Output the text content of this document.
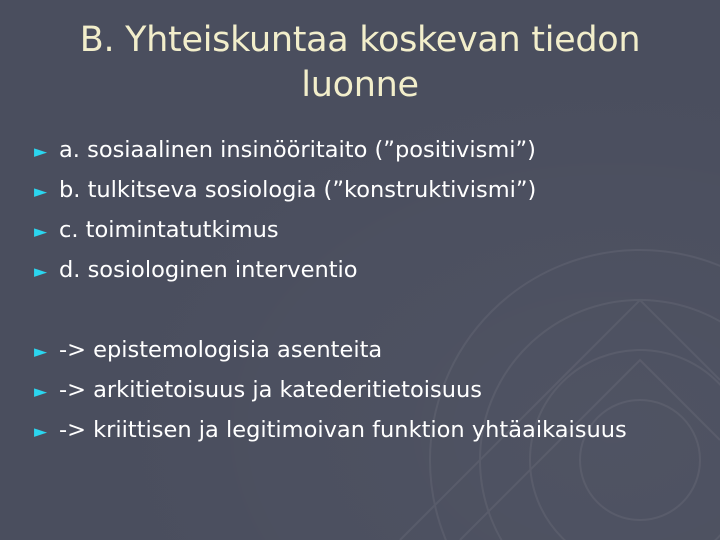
B. Yhteiskuntaa koskevan tiedon luonne
► a. sosiaalinen insinööritaito (”positivismi”)
► b. tulkitseva sosiologia (”konstruktivismi”)
► c. toimintatutkimus
► d. sosiologinen interventio
► -> epistemologisia asenteita
► -> arkitietoisuus ja katederitietoisuus
► -> kriittisen ja legitimoivan funktion yhtäaikaisuus
